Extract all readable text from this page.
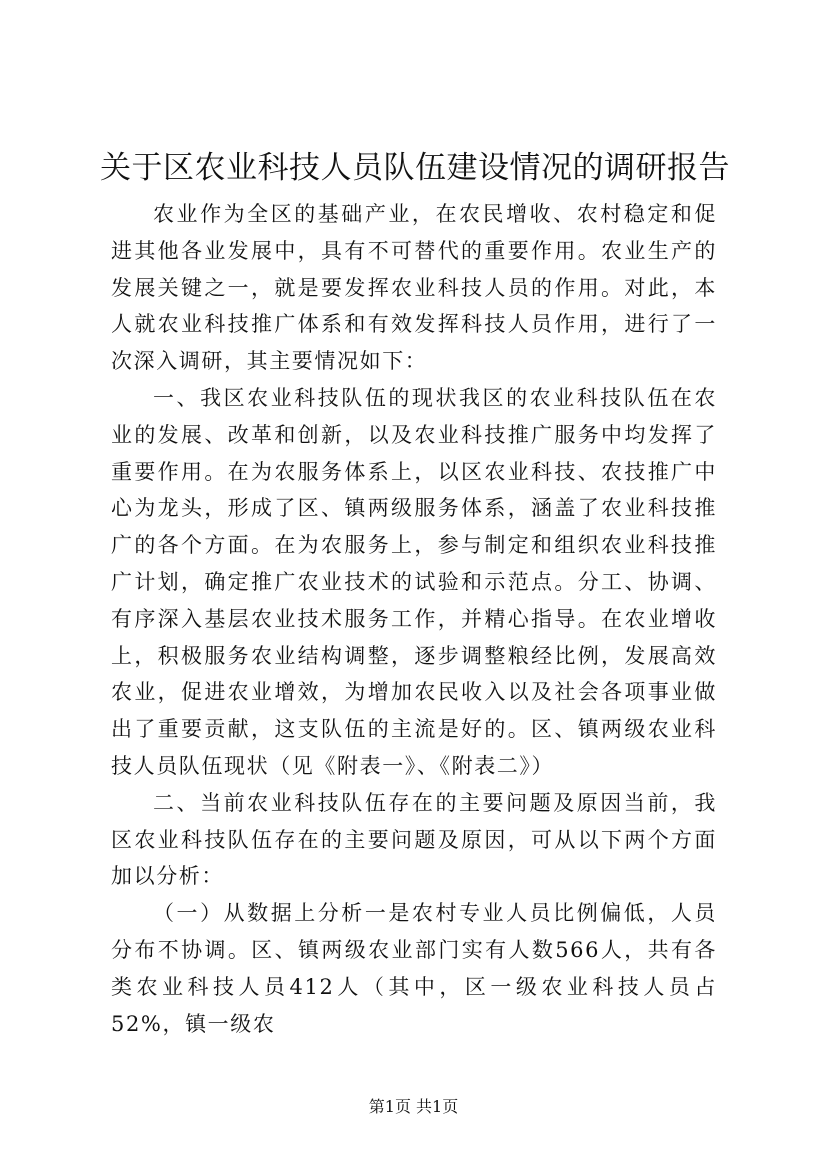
关于区农业科技人员队伍建设情况的调研报告

农业作为全区的基础产业，在农民增收、农村稳定和促进其他各业发展中，具有不可替代的重要作用。农业生产的发展关键之一，就是要发挥农业科技人员的作用。对此，本人就农业科技推广体系和有效发挥科技人员作用，进行了一次深入调研，其主要情况如下：

一、我区农业科技队伍的现状我区的农业科技队伍在农业的发展、改革和创新，以及农业科技推广服务中均发挥了重要作用。在为农服务体系上，以区农业科技、农技推广中心为龙头，形成了区、镇两级服务体系，涵盖了农业科技推广的各个方面。在为农服务上，参与制定和组织农业科技推广计划，确定推广农业技术的试验和示范点。分工、协调、有序深入基层农业技术服务工作，并精心指导。在农业增收上，积极服务农业结构调整，逐步调整粮经比例，发展高效农业，促进农业增效，为增加农民收入以及社会各项事业做出了重要贡献，这支队伍的主流是好的。区、镇两级农业科技人员队伍现状（见《附表一》、《附表二》）

二、当前农业科技队伍存在的主要问题及原因当前，我区农业科技队伍存在的主要问题及原因，可从以下两个方面加以分析：

（一）从数据上分析一是农村专业人员比例偏低，人员分布不协调。区、镇两级农业部门实有人数566人，共有各类农业科技人员412人（其中，区一级农业科技人员占52%，镇一级农

第1页 共1页
